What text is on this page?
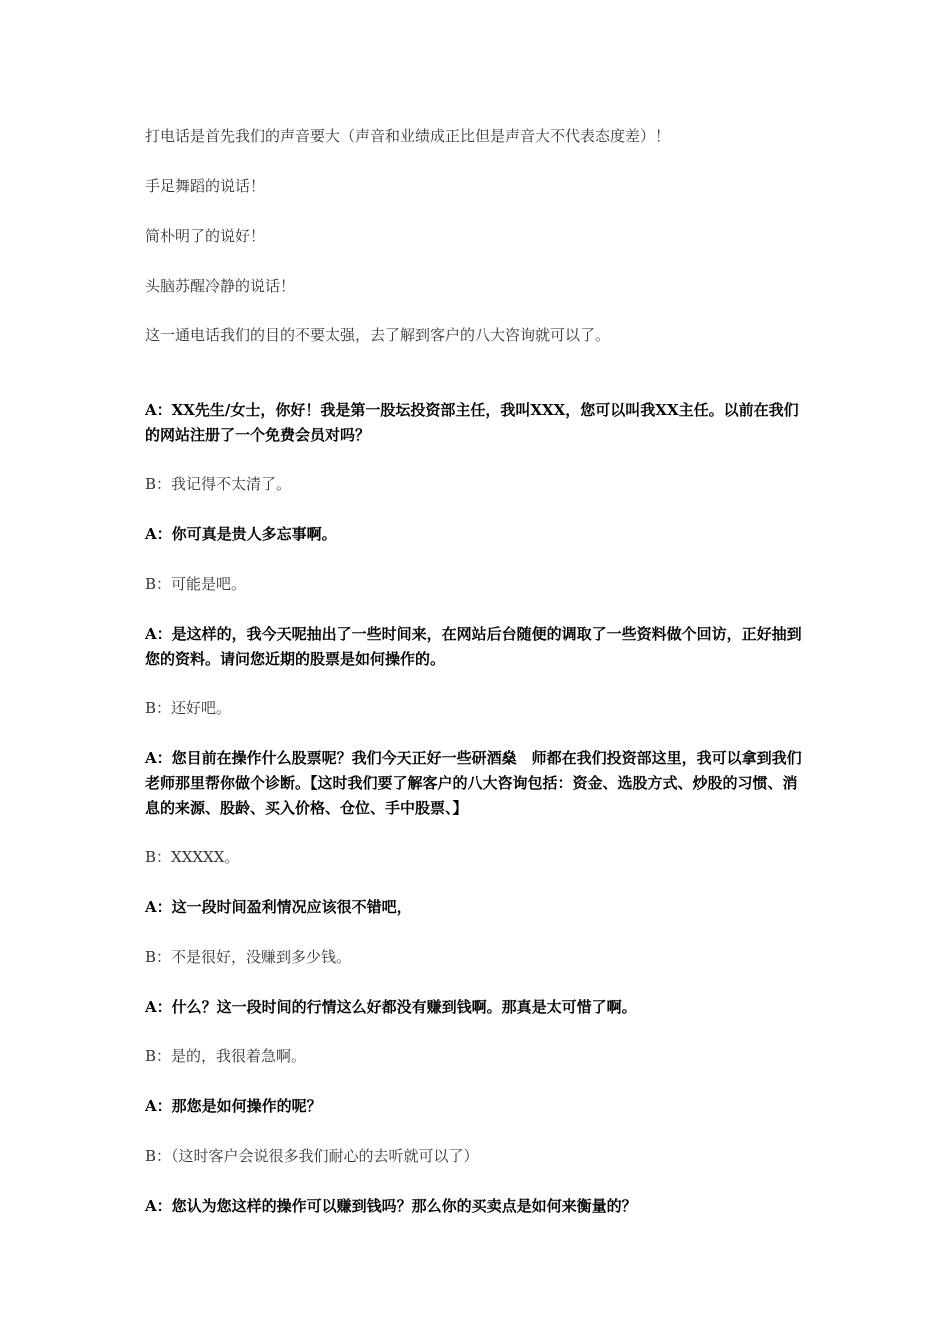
打电话是首先我们的声音要大（声音和业绩成正比但是声音大不代表态度差）！

手足舞蹈的说话！

简朴明了的说好！

头脑苏醒冷静的说话！

这一通电话我们的目的不要太强，去了解到客户的八大咨询就可以了。

A：XX先生/女士，你好！我是第一股坛投资部主任，我叫XXX，您可以叫我XX主任。以前在我们的网站注册了一个免费会员对吗？

B：我记得不太清了。

A：你可真是贵人多忘事啊。

B：可能是吧。

A：是这样的，我今天呢抽出了一些时间来，在网站后台随便的调取了一些资料做个回访，正好抽到您的资料。请问您近期的股票是如何操作的。

B：还好吧。

A：您目前在操作什么股票呢？我们今天正好一些研酒燊　师都在我们投资部这里，我可以拿到我们老师那里帮你做个诊断。【这时我们要了解客户的八大咨询包括：资金、选股方式、炒股的习惯、消息的来源、股龄、买入价格、仓位、手中股票、】

B：XXXXX。

A：这一段时间盈利情况应该很不错吧，

B：不是很好，没赚到多少钱。

A：什么？这一段时间的行情这么好都没有赚到钱啊。那真是太可惜了啊。

B：是的，我很着急啊。

A：那您是如何操作的呢？

B：（这时客户会说很多我们耐心的去听就可以了）

A：您认为您这样的操作可以赚到钱吗？那么你的买卖点是如何来衡量的？
